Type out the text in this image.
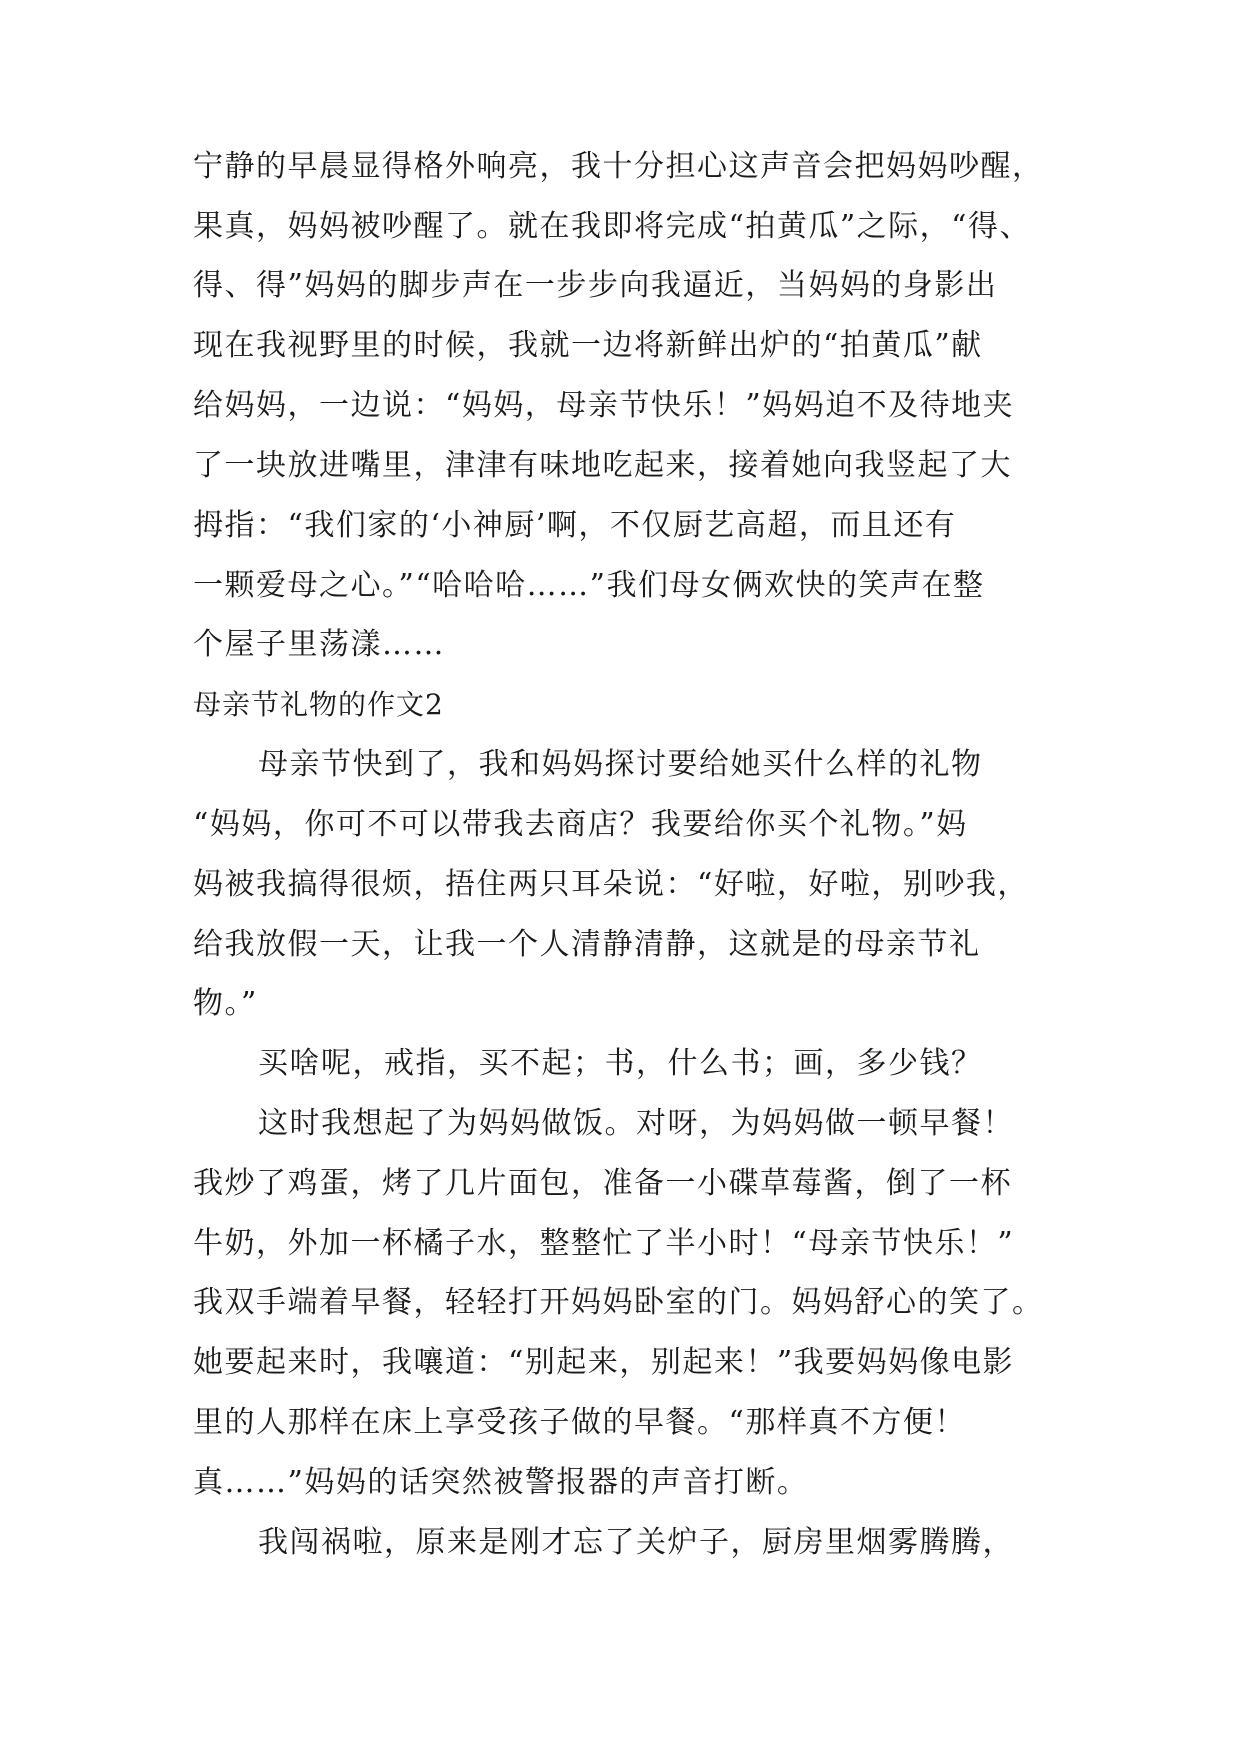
宁静的早晨显得格外响亮，我十分担心这声音会把妈妈吵醒，
果真，妈妈被吵醒了。就在我即将完成“拍黄瓜”之际，“得、
得、得”妈妈的脚步声在一步步向我逼近，当妈妈的身影出
现在我视野里的时候，我就一边将新鲜出炉的“拍黄瓜”献
给妈妈，一边说：“妈妈，母亲节快乐！”妈妈迫不及待地夹
了一块放进嘴里，津津有味地吃起来，接着她向我竖起了大
拇指：“我们家的‘小神厨’啊，不仅厨艺高超，而且还有
一颗爱母之心。”“哈哈哈……”我们母女俩欢快的笑声在整
个屋子里荡漾……
母亲节礼物的作文2
母亲节快到了，我和妈妈探讨要给她买什么样的礼物
“妈妈，你可不可以带我去商店？我要给你买个礼物。”妈
妈被我搞得很烦，捂住两只耳朵说：“好啦，好啦，别吵我，
给我放假一天，让我一个人清静清静，这就是的母亲节礼
物。”
买啥呢，戒指，买不起；书，什么书；画，多少钱？
这时我想起了为妈妈做饭。对呀，为妈妈做一顿早餐！
我炒了鸡蛋，烤了几片面包，准备一小碟草莓酱，倒了一杯
牛奶，外加一杯橘子水，整整忙了半小时！“母亲节快乐！”
我双手端着早餐，轻轻打开妈妈卧室的门。妈妈舒心的笑了。
她要起来时，我嚷道：“别起来，别起来！”我要妈妈像电影
里的人那样在床上享受孩子做的早餐。“那样真不方便！
真……”妈妈的话突然被警报器的声音打断。
我闯祸啦，原来是刚才忘了关炉子，厨房里烟雾腾腾，
